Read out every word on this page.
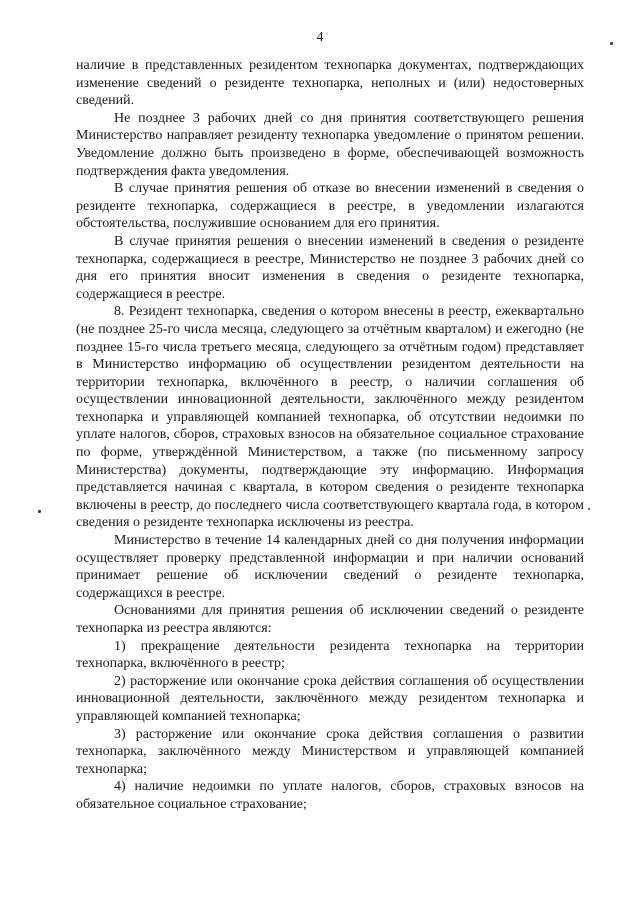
4

наличие в представленных резидентом технопарка документах, подтверждающих изменение сведений о резиденте технопарка, неполных и (или) недостоверных сведений.

Не позднее 3 рабочих дней со дня принятия соответствующего решения Министерство направляет резиденту технопарка уведомление о принятом решении. Уведомление должно быть произведено в форме, обеспечивающей возможность подтверждения факта уведомления.

В случае принятия решения об отказе во внесении изменений в сведения о резиденте технопарка, содержащиеся в реестре, в уведомлении излагаются обстоятельства, послужившие основанием для его принятия.

В случае принятия решения о внесении изменений в сведения о резиденте технопарка, содержащиеся в реестре, Министерство не позднее 3 рабочих дней со дня его принятия вносит изменения в сведения о резиденте технопарка, содержащиеся в реестре.

8. Резидент технопарка, сведения о котором внесены в реестр, ежеквартально (не позднее 25-го числа месяца, следующего за отчётным кварталом) и ежегодно (не позднее 15-го числа третьего месяца, следующего за отчётным годом) представляет в Министерство информацию об осуществлении резидентом деятельности на территории технопарка, включённого в реестр, о наличии соглашения об осуществлении инновационной деятельности, заключённого между резидентом технопарка и управляющей компанией технопарка, об отсутствии недоимки по уплате налогов, сборов, страховых взносов на обязательное социальное страхование по форме, утверждённой Министерством, а также (по письменному запросу Министерства) документы, подтверждающие эту информацию. Информация представляется начиная с квартала, в котором сведения о резиденте технопарка включены в реестр, до последнего числа соответствующего квартала года, в котором сведения о резиденте технопарка исключены из реестра.

Министерство в течение 14 календарных дней со дня получения информации осуществляет проверку представленной информации и при наличии оснований принимает решение об исключении сведений о резиденте технопарка, содержащихся в реестре.

Основаниями для принятия решения об исключении сведений о резиденте технопарка из реестра являются:

1) прекращение деятельности резидента технопарка на территории технопарка, включённого в реестр;

2) расторжение или окончание срока действия соглашения об осуществлении инновационной деятельности, заключённого между резидентом технопарка и управляющей компанией технопарка;

3) расторжение или окончание срока действия соглашения о развитии технопарка, заключённого между Министерством и управляющей компанией технопарка;

4) наличие недоимки по уплате налогов, сборов, страховых взносов на обязательное социальное страхование;
